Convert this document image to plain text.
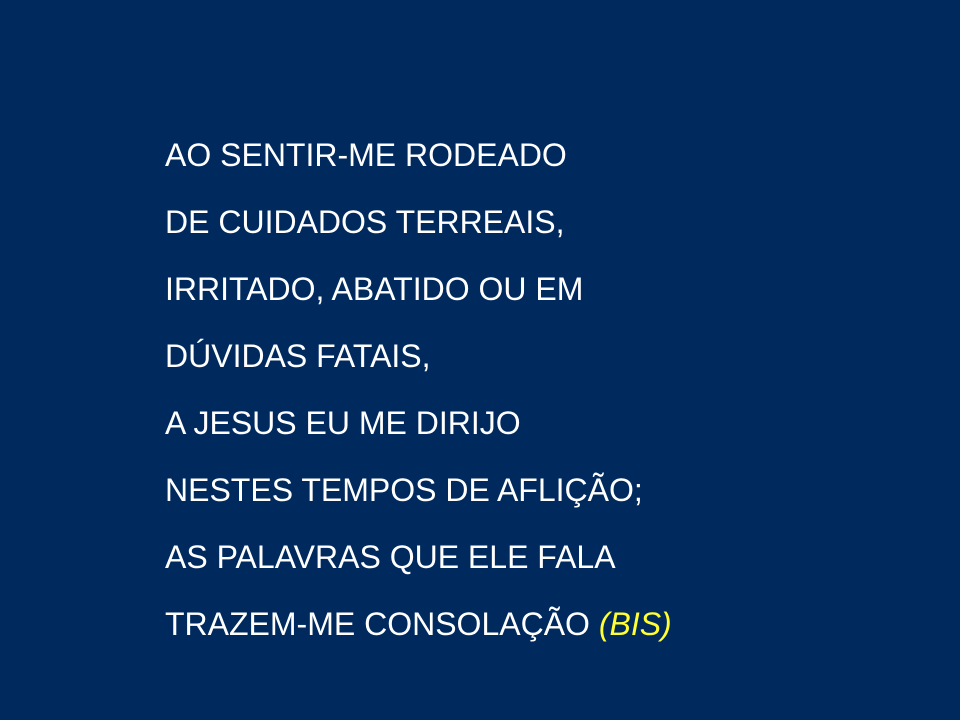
AO SENTIR-ME RODEADO
DE CUIDADOS TERREAIS,
IRRITADO, ABATIDO OU EM
DÚVIDAS FATAIS,
A JESUS EU ME DIRIJO
NESTES TEMPOS DE AFLIÇÃO;
AS PALAVRAS QUE ELE FALA
TRAZEM-ME CONSOLAÇÃO (BIS)
